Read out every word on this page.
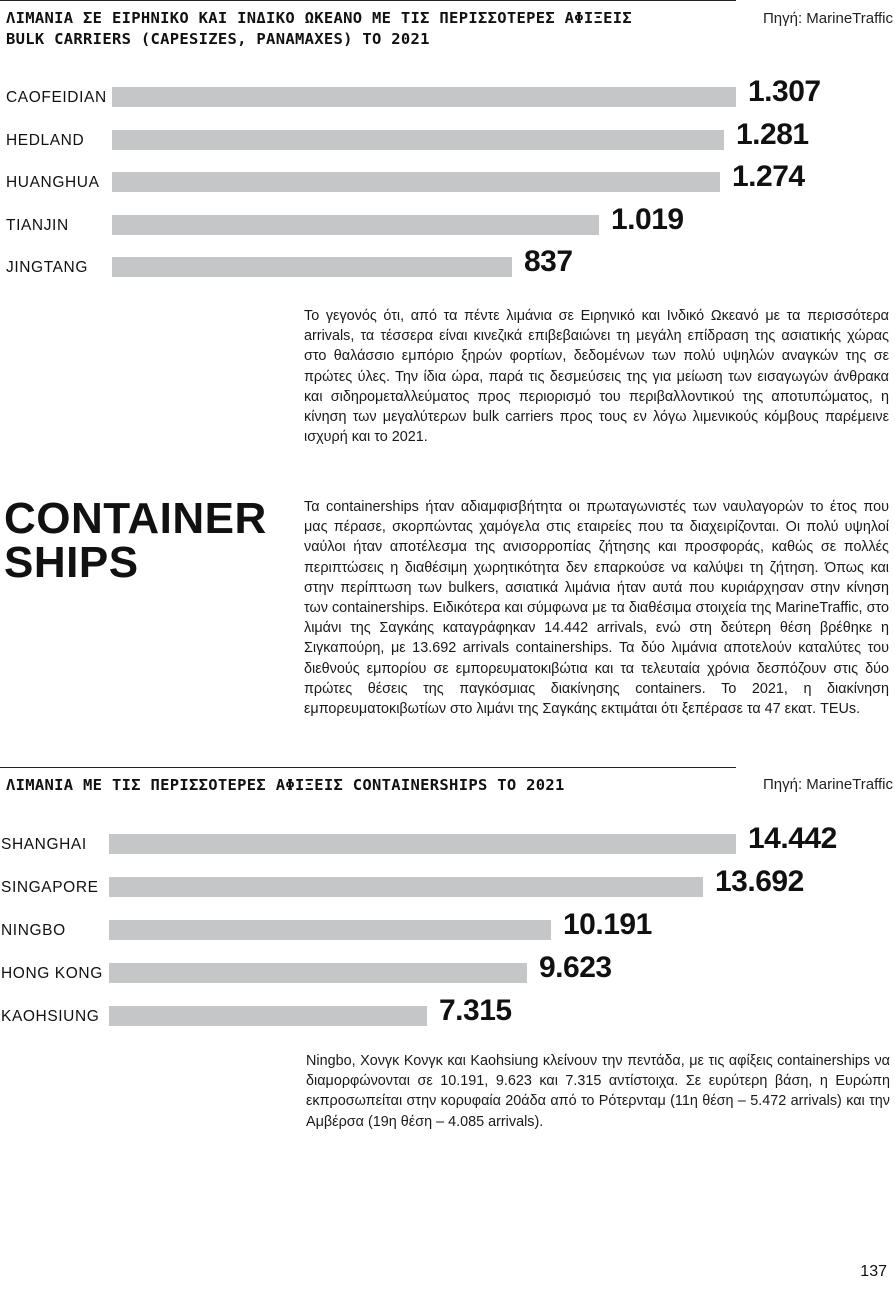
ΛΙΜΑΝΙΑ ΣΕ ΕΙΡΗΝΙΚΟ ΚΑΙ ΙΝΔΙΚΟ ΩΚΕΑΝΟ ΜΕ ΤΙΣ ΠΕΡΙΣΣΟΤΕΡΕΣ ΑΦΙΞΕΙΣ
BULK CARRIERS (CAPESIZES, PANAMAXES) ΤΟ 2021
Πηγή: MarineTraffic
CAOFEIDIAN	1.307
HEDLAND	1.281
HUANGHUA	1.274
TIANJIN	1.019
JINGTANG	837
Το γεγονός ότι, από τα πέντε λιμάνια σε Ειρηνικό και Ινδικό Ωκεανό με τα περισσότερα arrivals, τα τέσσερα είναι κινεζικά επιβεβαιώνει τη μεγάλη επίδραση της ασιατικής χώρας στο θαλάσσιο εμπόριο ξηρών φορτίων, δεδομένων των πολύ υψηλών αναγκών της σε πρώτες ύλες. Την ίδια ώρα, παρά τις δεσμεύσεις της για μείωση των εισαγωγών άνθρακα και σιδηρομεταλλεύματος προς περιορισμό του περιβαλλοντικού της αποτυπώματος, η κίνηση των μεγαλύτερων bulk carriers προς τους εν λόγω λιμενικούς κόμβους παρέμεινε ισχυρή και το 2021.
CONTAINER
SHIPS
Τα containerships ήταν αδιαμφισβήτητα οι πρωταγωνιστές των ναυλαγορών το έτος που μας πέρασε, σκορπώντας χαμόγελα στις εταιρείες που τα διαχειρίζονται. Οι πολύ υψηλοί ναύλοι ήταν αποτέλεσμα της ανισορροπίας ζήτησης και προσφοράς, καθώς σε πολλές περιπτώσεις η διαθέσιμη χωρητικότητα δεν επαρκούσε να καλύψει τη ζήτηση. Όπως και στην περίπτωση των bulkers, ασιατικά λιμάνια ήταν αυτά που κυριάρχησαν στην κίνηση των containerships. Ειδικότερα και σύμφωνα με τα διαθέσιμα στοιχεία της MarineTraffic, στο λιμάνι της Σαγκάης καταγράφηκαν 14.442 arrivals, ενώ στη δεύτερη θέση βρέθηκε η Σιγκαπούρη, με 13.692 arrivals containerships. Τα δύο λιμάνια αποτελούν καταλύτες του διεθνούς εμπορίου σε εμπορευματοκιβώτια και τα τελευταία χρόνια δεσπόζουν στις δύο πρώτες θέσεις της παγκόσμιας διακίνησης containers. Το 2021, η διακίνηση εμπορευματοκιβωτίων στο λιμάνι της Σαγκάης εκτιμάται ότι ξεπέρασε τα 47 εκατ. TEUs.
ΛΙΜΑΝΙΑ ΜΕ ΤΙΣ ΠΕΡΙΣΣΟΤΕΡΕΣ ΑΦΙΞΕΙΣ CONTAINERSHIPS ΤΟ 2021	Πηγή: MarineTraffic
SHANGHAI	14.442
SINGAPORE	13.692
NINGBO	10.191
HONG KONG	9.623
KAOHSIUNG	7.315
Ningbo, Χονγκ Κονγκ και Kaohsiung κλείνουν την πεντάδα, με τις αφίξεις containerships να διαμορφώνονται σε 10.191, 9.623 και 7.315 αντίστοιχα. Σε ευρύτερη βάση, η Ευρώπη εκπροσωπείται στην κορυφαία 20άδα από το Ρότερνταμ (11η θέση – 5.472 arrivals) και την Αμβέρσα (19η θέση – 4.085 arrivals).
137
